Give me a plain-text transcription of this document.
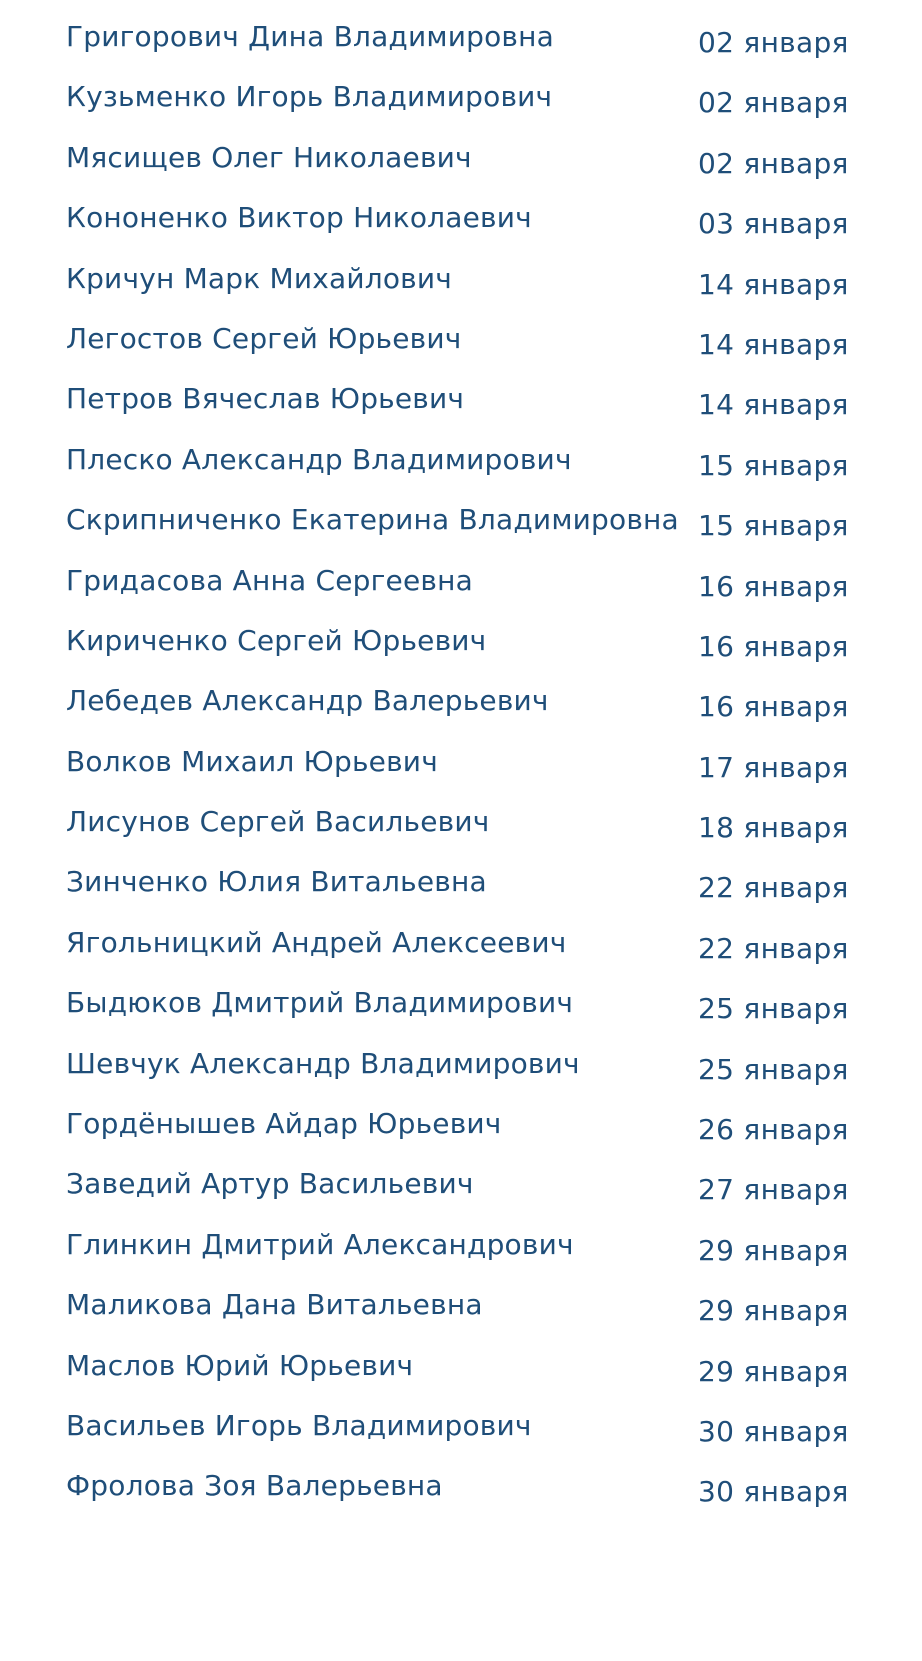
Григорович Дина Владимировна	02 января
Кузьменко Игорь Владимирович	02 января
Мясищев Олег Николаевич	02 января
Кононенко Виктор Николаевич	03 января
Кричун Марк Михайлович	14 января
Легостов Сергей Юрьевич	14 января
Петров Вячеслав Юрьевич	14 января
Плеско Александр Владимирович	15 января
Скрипниченко Екатерина Владимировна 15 января
Гридасова Анна Сергеевна	16 января
Кириченко Сергей Юрьевич	16 января
Лебедев Александр Валерьевич	16 января
Волков Михаил Юрьевич	17 января
Лисунов Сергей Васильевич	18 января
Зинченко Юлия Витальевна	22 января
Ягольницкий Андрей Алексеевич	22 января
Быдюков Дмитрий Владимирович	25 января
Шевчук Александр Владимирович	25 января
Гордёнышев Айдар Юрьевич	26 января
Заведий Артур Васильевич	27 января
Глинкин Дмитрий Александрович	29 января
Маликова Дана Витальевна	29 января
Маслов Юрий Юрьевич	29 января
Васильев Игорь Владимирович	30 января
Фролова Зоя Валерьевна	30 января
